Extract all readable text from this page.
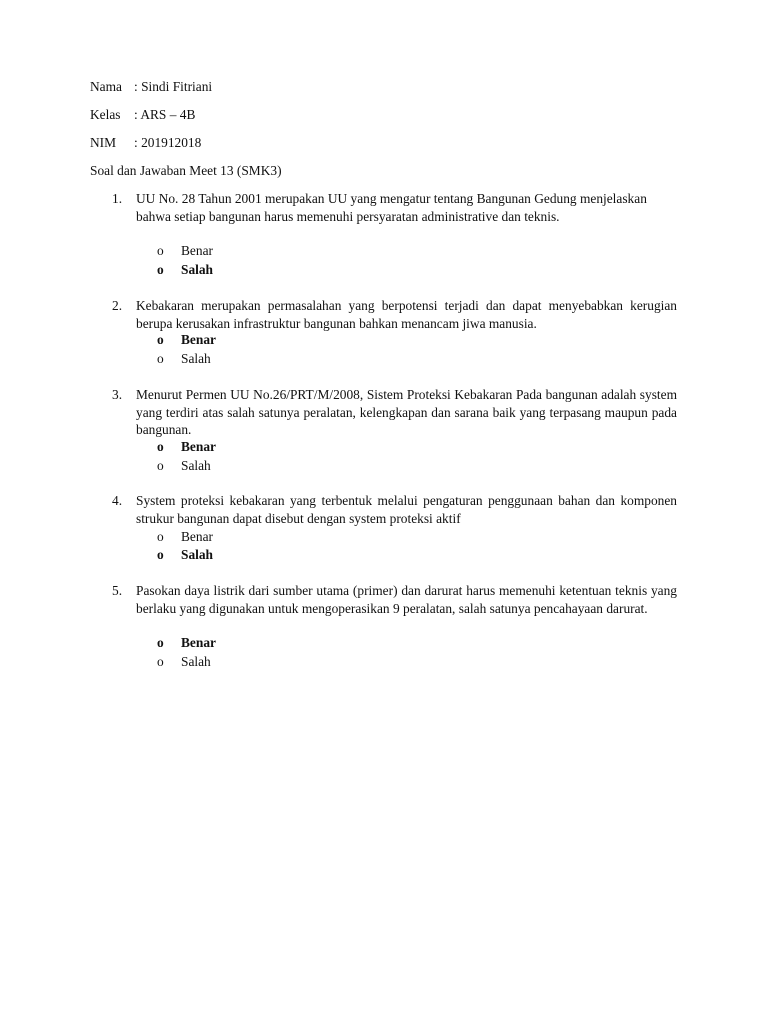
Nama : Sindi Fitriani
Kelas : ARS – 4B
NIM : 201912018
Soal dan Jawaban Meet 13 (SMK3)
1. UU No. 28 Tahun 2001 merupakan UU yang mengatur tentang Bangunan Gedung menjelaskan bahwa setiap bangunan harus memenuhi persyaratan administrative dan teknis.
o Benar
o Salah
2. Kebakaran merupakan permasalahan yang berpotensi terjadi dan dapat menyebabkan kerugian berupa kerusakan infrastruktur bangunan bahkan menancam jiwa manusia.
o Benar
o Salah
3. Menurut Permen UU No.26/PRT/M/2008, Sistem Proteksi Kebakaran Pada bangunan adalah system yang terdiri atas salah satunya peralatan, kelengkapan dan sarana baik yang terpasang maupun pada bangunan.
o Benar
o Salah
4. System proteksi kebakaran yang terbentuk melalui pengaturan penggunaan bahan dan komponen strukur bangunan dapat disebut dengan system proteksi aktif
o Benar
o Salah
5. Pasokan daya listrik dari sumber utama (primer) dan darurat harus memenuhi ketentuan teknis yang berlaku yang digunakan untuk mengoperasikan 9 peralatan, salah satunya pencahayaan darurat.
o Benar
o Salah
